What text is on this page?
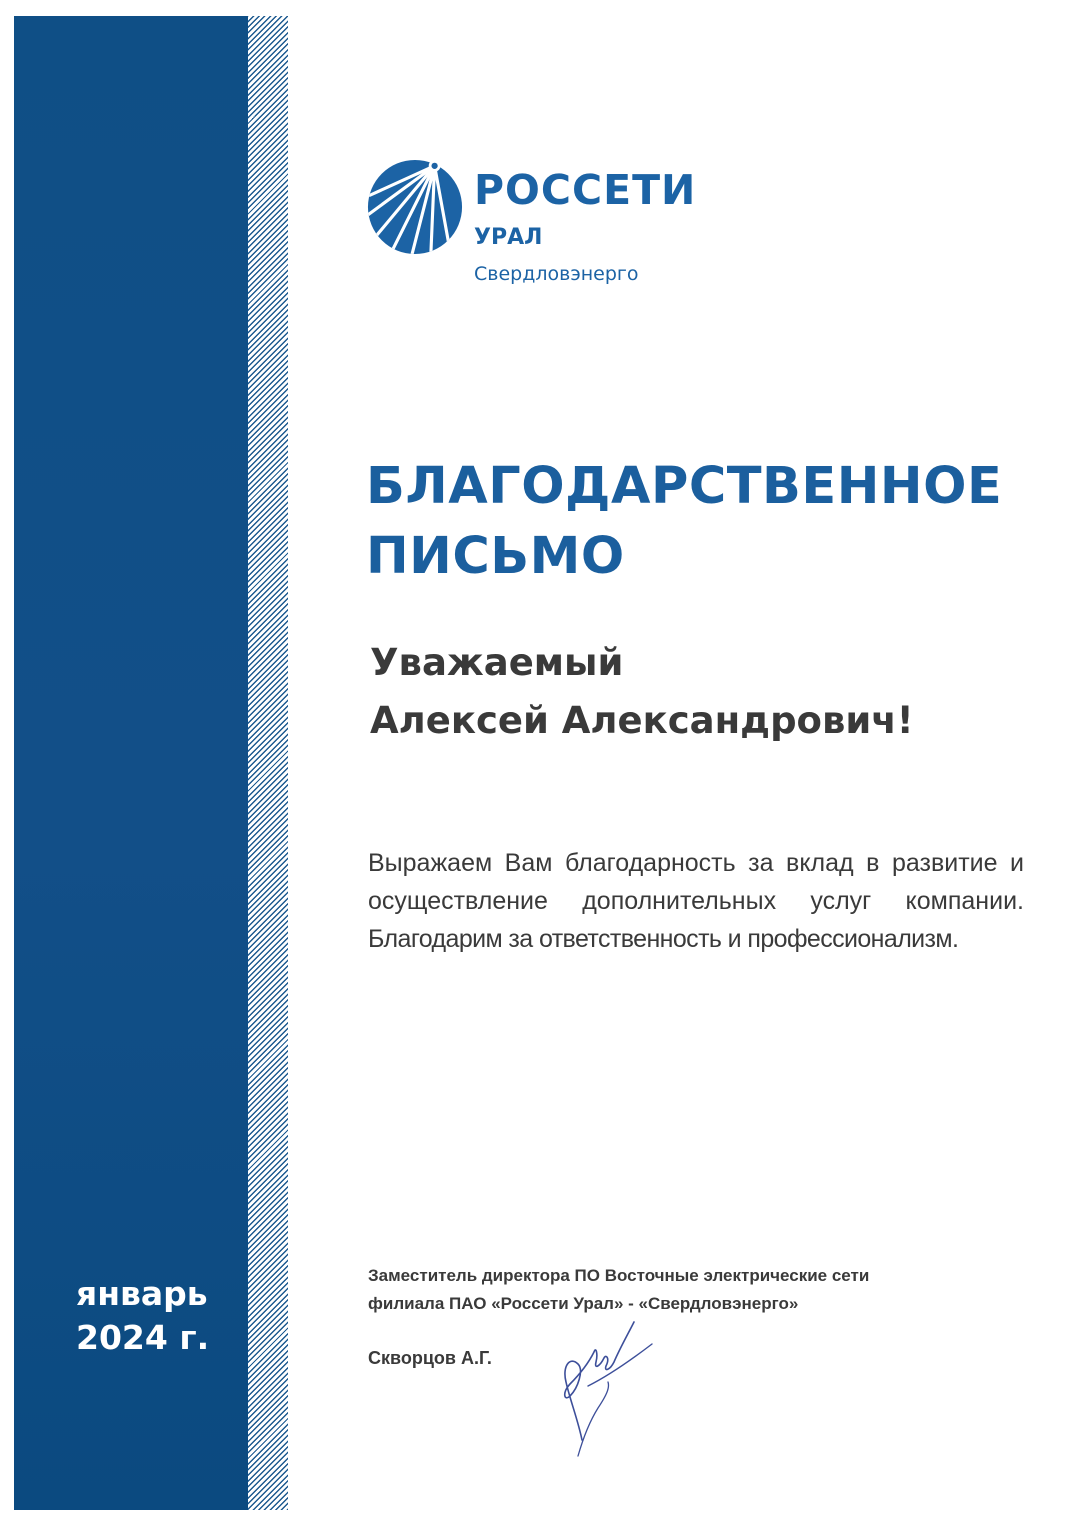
январь
2024 г.
РОССЕТИ
УРАЛ
Свердловэнерго
БЛАГОДАРСТВЕННОЕ
ПИСЬМО
Уважаемый
Алексей Александрович!
Выражаем Вам благодарность за вклад в развитие и
осуществление дополнительных услуг компании.
Благодарим за ответственность и профессионализм.
Заместитель директора ПО Восточные электрические сети
филиала ПАО «Россети Урал» - «Свердловэнерго»
Скворцов А.Г.
